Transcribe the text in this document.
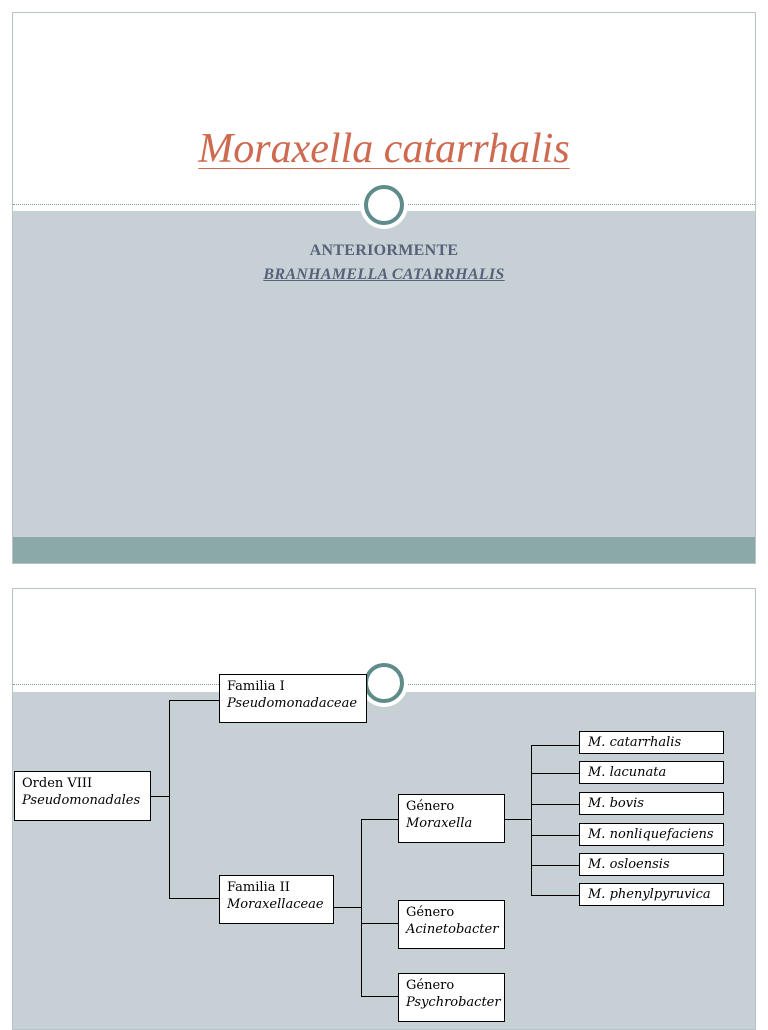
Moraxella catarrhalis
ANTERIORMENTE
BRANHAMELLA CATARRHALIS
Orden VIII
Pseudomonadales
Familia I
Pseudomonadaceae
Familia II
Moraxellaceae
Género
Moraxella
Género
Acinetobacter
Género
Psychrobacter
M. catarrhalis
M. lacunata
M. bovis
M. nonliquefaciens
M. osloensis
M. phenylpyruvica
